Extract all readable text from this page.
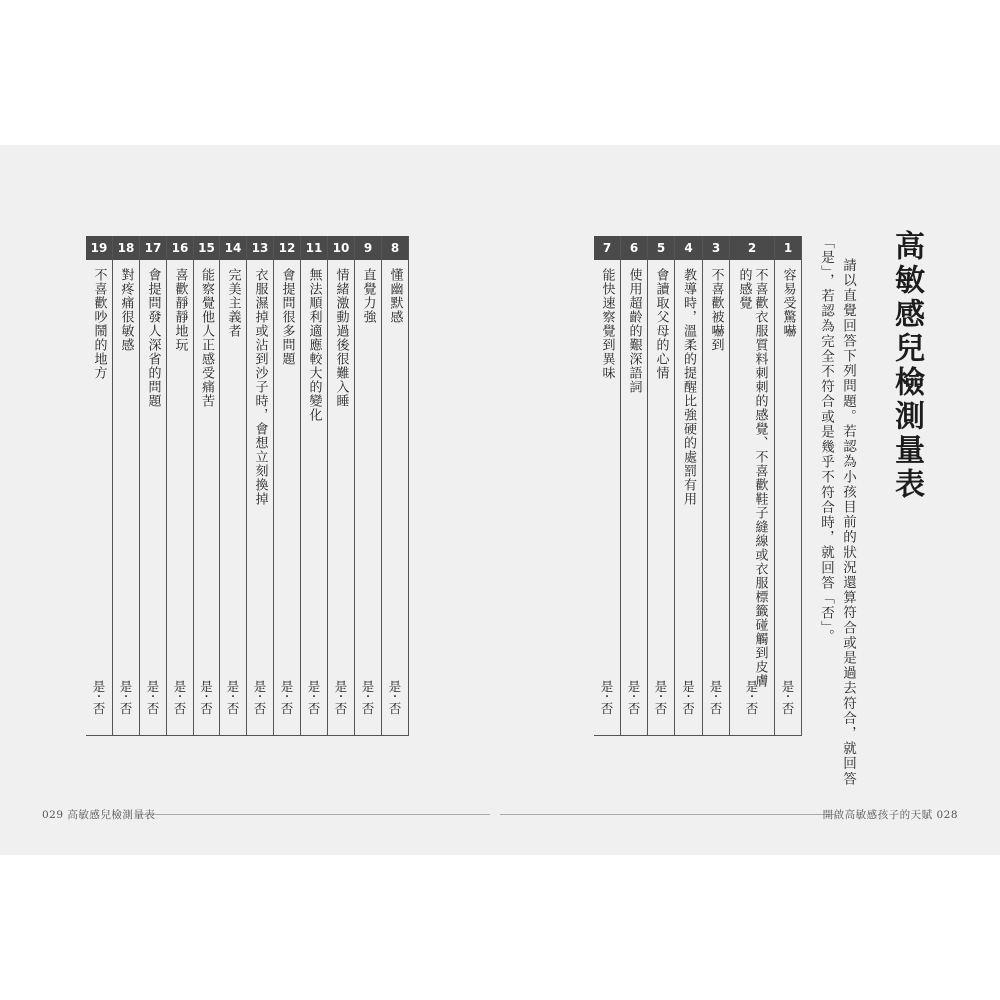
高敏感兒檢測量表
請以直覺回答下列問題。若認為小孩目前的狀況還算符合或是過去符合，就回答
「是」，若認為完全不符合或是幾乎不符合時，就回答「否」。
1
容易受驚嚇
是
・
否
2
不喜歡衣服質料刺刺的感覺、不喜歡鞋子縫線或衣服標籤碰觸到皮膚
的感覺
是
・
否
3
不喜歡被嚇到
是
・
否
4
教導時，溫柔的提醒比強硬的處罰有用
是
・
否
5
會讀取父母的心情
是
・
否
6
使用超齡的艱深語詞
是
・
否
7
能快速察覺到異味
是
・
否
8
懂幽默感
是
・
否
9
直覺力強
是
・
否
10
情緒激動過後很難入睡
是
・
否
11
無法順利適應較大的變化
是
・
否
12
會提問很多問題
是
・
否
13
衣服濕掉或沾到沙子時，會想立刻換掉
是
・
否
14
完美主義者
是
・
否
15
能察覺他人正感受痛苦
是
・
否
16
喜歡靜靜地玩
是
・
否
17
會提問發人深省的問題
是
・
否
18
對疼痛很敏感
是
・
否
19
不喜歡吵鬧的地方
是
・
否
029 高敏感兒檢測量表	開啟高敏感孩子的天賦 028
